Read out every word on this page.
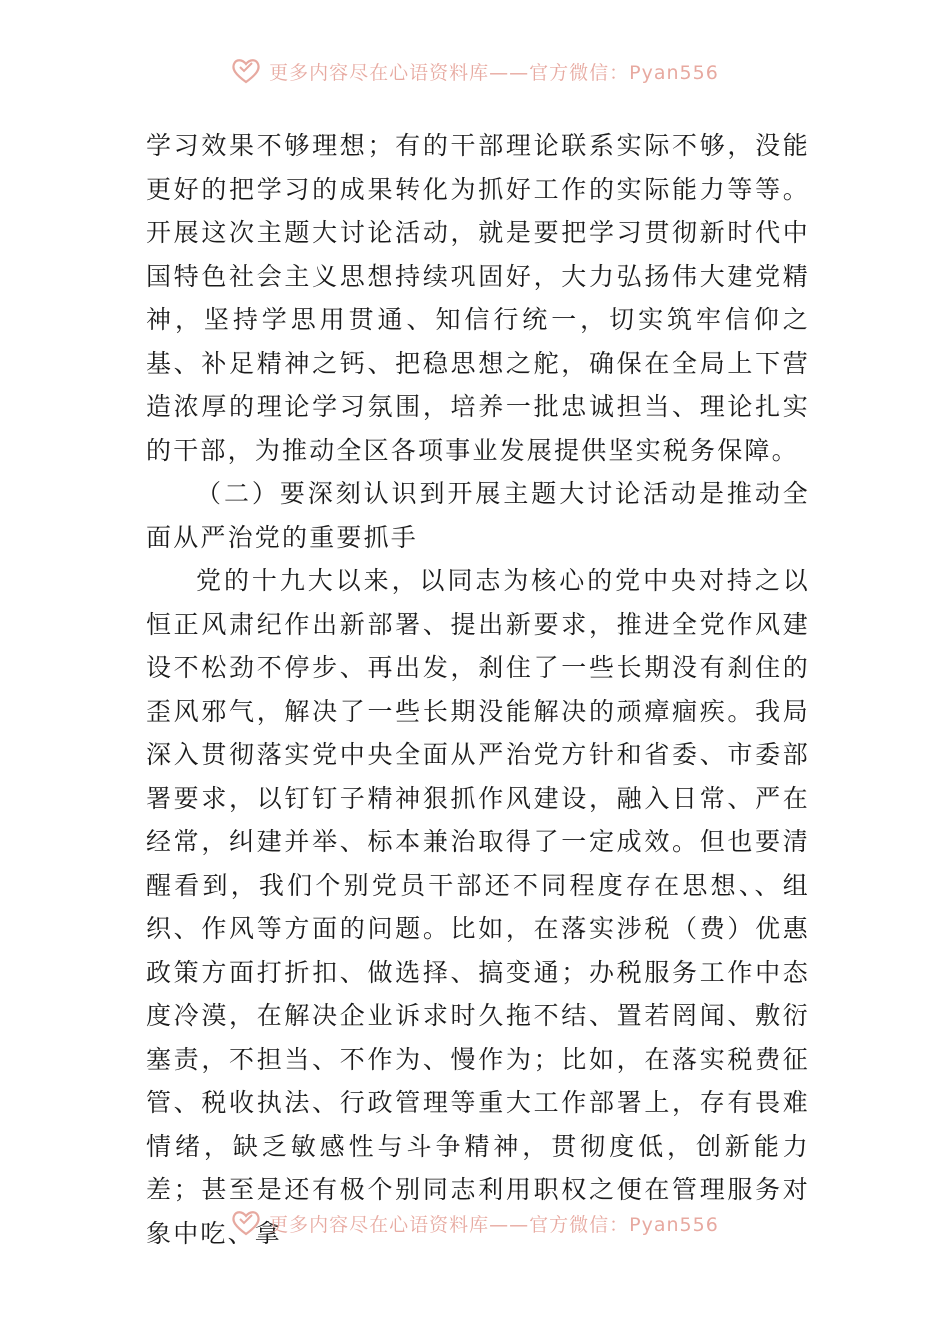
更多内容尽在心语资料库——官方微信：Pyan556

学习效果不够理想；有的干部理论联系实际不够，没能更好的把学习的成果转化为抓好工作的实际能力等等。开展这次主题大讨论活动，就是要把学习贯彻新时代中国特色社会主义思想持续巩固好，大力弘扬伟大建党精神，坚持学思用贯通、知信行统一，切实筑牢信仰之基、补足精神之钙、把稳思想之舵，确保在全局上下营造浓厚的理论学习氛围，培养一批忠诚担当、理论扎实的干部，为推动全区各项事业发展提供坚实税务保障。

（二）要深刻认识到开展主题大讨论活动是推动全面从严治党的重要抓手

党的十九大以来，以同志为核心的党中央对持之以恒正风肃纪作出新部署、提出新要求，推进全党作风建设不松劲不停步、再出发，刹住了一些长期没有刹住的歪风邪气，解决了一些长期没能解决的顽瘴痼疾。我局深入贯彻落实党中央全面从严治党方针和省委、市委部署要求，以钉钉子精神狠抓作风建设，融入日常、严在经常，纠建并举、标本兼治取得了一定成效。但也要清醒看到，我们个别党员干部还不同程度存在思想、、组织、作风等方面的问题。比如，在落实涉税（费）优惠政策方面打折扣、做选择、搞变通；办税服务工作中态度冷漠，在解决企业诉求时久拖不结、置若罔闻、敷衍塞责，不担当、不作为、慢作为；比如，在落实税费征管、税收执法、行政管理等重大工作部署上，存有畏难情绪，缺乏敏感性与斗争精神，贯彻度低，创新能力差；甚至是还有极个别同志利用职权之便在管理服务对象中吃、拿

更多内容尽在心语资料库——官方微信：Pyan556
